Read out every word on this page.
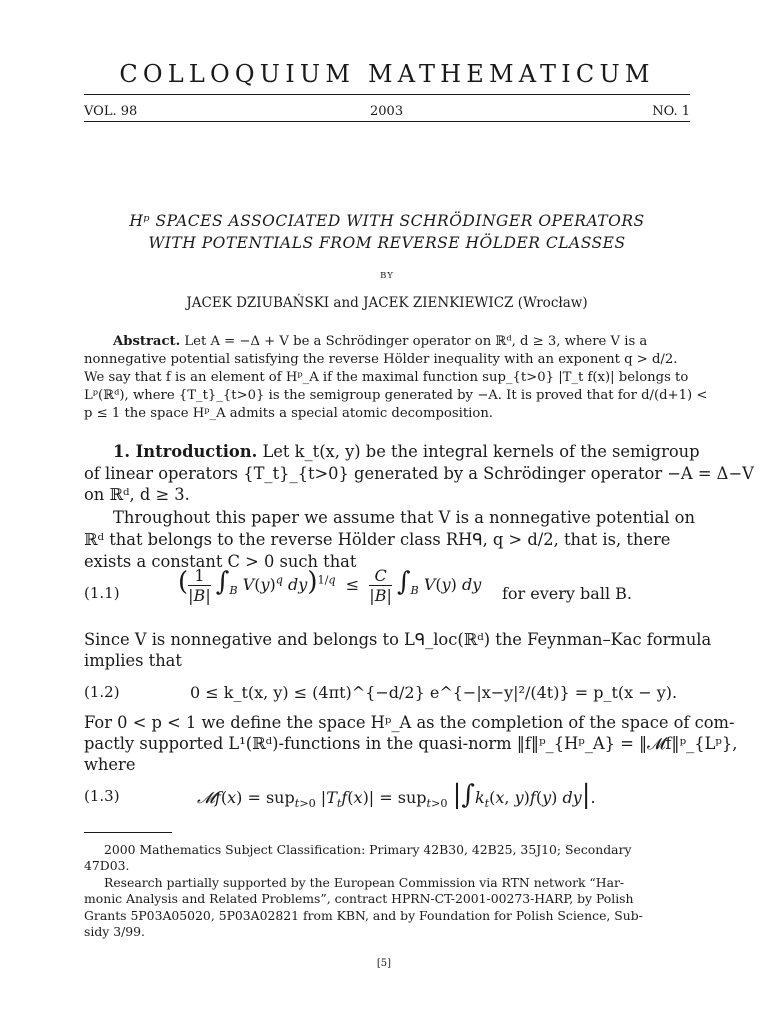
COLLOQUIUM MATHEMATICUM
VOL. 98	2003	NO. 1
Hᵖ SPACES ASSOCIATED WITH SCHRÖDINGER OPERATORS
WITH POTENTIALS FROM REVERSE HÖLDER CLASSES
BY
JACEK DZIUBAŃSKI and JACEK ZIENKIEWICZ (Wrocław)
Abstract. Let A = −Δ + V be a Schrödinger operator on ℝᵈ, d ≥ 3, where V is a
nonnegative potential satisfying the reverse Hölder inequality with an exponent q > d/2.
We say that f is an element of Hᵖ_A if the maximal function sup_{t>0} |T_t f(x)| belongs to
Lᵖ(ℝᵈ), where {T_t}_{t>0} is the semigroup generated by −A. It is proved that for d/(d+1) <
p ≤ 1 the space Hᵖ_A admits a special atomic decomposition.
1. Introduction. Let k_t(x, y) be the integral kernels of the semigroup
of linear operators {T_t}_{t>0} generated by a Schrödinger operator −A = Δ−V
on ℝᵈ, d ≥ 3.
Throughout this paper we assume that V is a nonnegative potential on
ℝᵈ that belongs to the reverse Hölder class RHᑫ, q > d/2, that is, there
exists a constant C > 0 such that
(1.1) ( $\frac{1}{|B|} \int_B$ $V(y)^q$ $dy)^{1/q} \le \frac{C}{|B|} \int_B$ V(y) dy for every ball B.
Since V is nonnegative and belongs to Lᑫ_loc(ℝᵈ) the Feynman–Kac formula
implies that
(1.2)	0 ≤ k_t(x, y) ≤ (4πt)^{−d/2} e^{−|x−y|²/(4t)} = p_t(x − y).
For 0 < p < 1 we define the space Hᵖ_A as the completion of the space of com-
pactly supported L¹(ℝᵈ)-functions in the quasi-norm ‖f‖ᵖ_{Hᵖ_A} = ‖𝓜f‖ᵖ_{Lᵖ},
where
(1.3)	𝓜f(x) = sup$_{t>0}$ $|T_tf(x)| = sup_{t>0}$ $|\int k_t(x$, y)f(y) dy|.
2000 Mathematics Subject Classification: Primary 42B30, 42B25, 35J10; Secondary
47D03.
Research partially supported by the European Commission via RTN network “Har-
monic Analysis and Related Problems”, contract HPRN-CT-2001-00273-HARP, by Polish
Grants 5P03A05020, 5P03A02821 from KBN, and by Foundation for Polish Science, Sub-
sidy 3/99.
[5]
